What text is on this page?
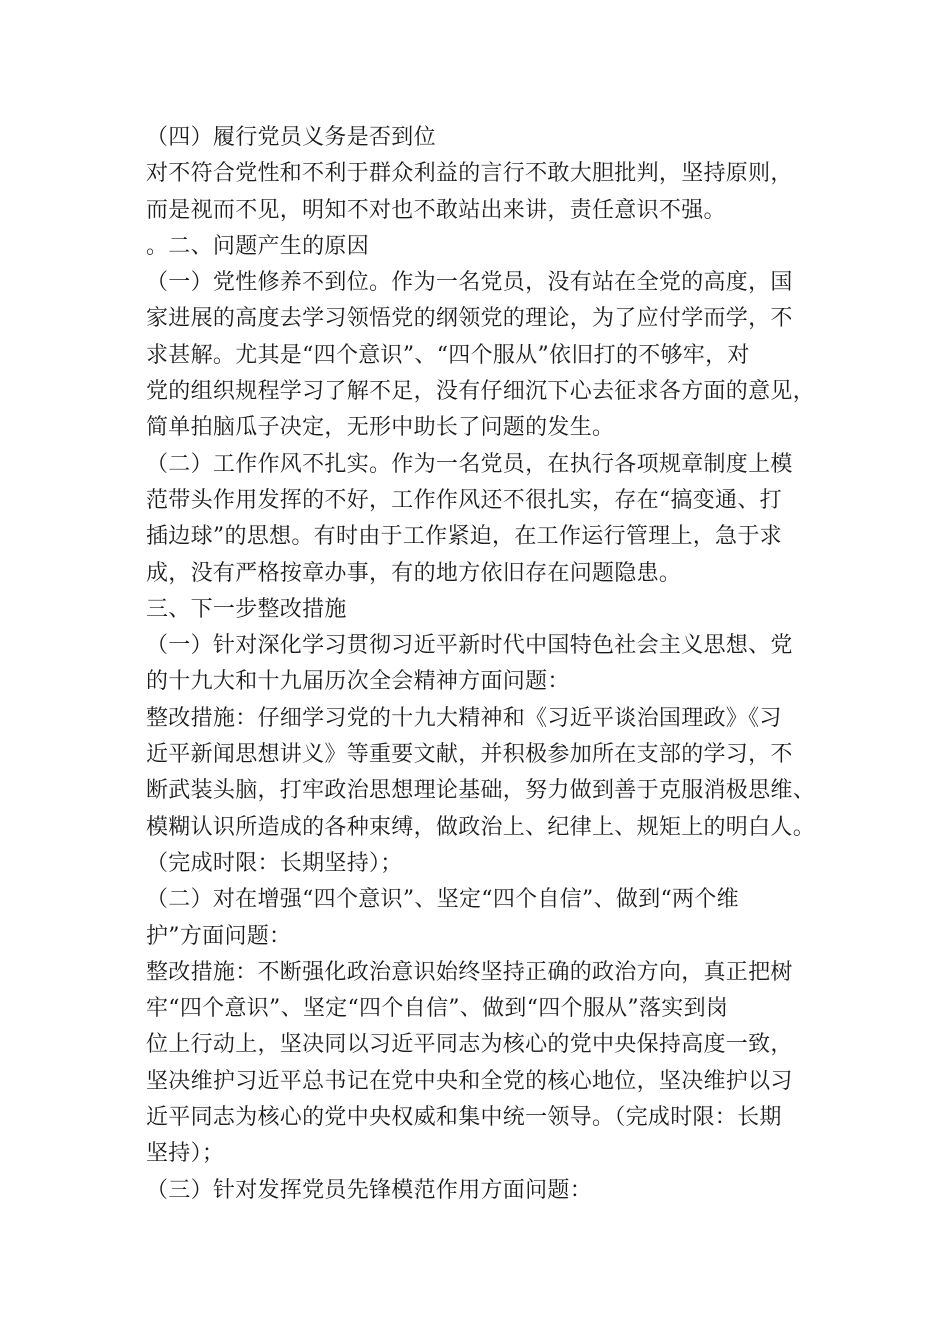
（四）履行党员义务是否到位
对不符合党性和不利于群众利益的言行不敢大胆批判，坚持原则，
而是视而不见，明知不对也不敢站出来讲，责任意识不强。
。二、问题产生的原因
（一）党性修养不到位。作为一名党员，没有站在全党的高度，国
家进展的高度去学习领悟党的纲领党的理论，为了应付学而学，不
求甚解。尤其是“四个意识”、“四个服从”依旧打的不够牢，对
党的组织规程学习了解不足，没有仔细沉下心去征求各方面的意见，
简单拍脑瓜子决定，无形中助长了问题的发生。
（二）工作作风不扎实。作为一名党员，在执行各项规章制度上模
范带头作用发挥的不好，工作作风还不很扎实，存在“搞变通、打
插边球”的思想。有时由于工作紧迫，在工作运行管理上，急于求
成，没有严格按章办事，有的地方依旧存在问题隐患。
三、下一步整改措施
（一）针对深化学习贯彻习近平新时代中国特色社会主义思想、党
的十九大和十九届历次全会精神方面问题：
整改措施：仔细学习党的十九大精神和《习近平谈治国理政》《习
近平新闻思想讲义》等重要文献，并积极参加所在支部的学习，不
断武装头脑，打牢政治思想理论基础，努力做到善于克服消极思维、
模糊认识所造成的各种束缚，做政治上、纪律上、规矩上的明白人。
（完成时限：长期坚持）；
（二）对在增强“四个意识”、坚定“四个自信”、做到“两个维
护”方面问题：
整改措施：不断强化政治意识始终坚持正确的政治方向，真正把树
牢“四个意识”、坚定“四个自信”、做到“四个服从”落实到岗
位上行动上，坚决同以习近平同志为核心的党中央保持高度一致，
坚决维护习近平总书记在党中央和全党的核心地位，坚决维护以习
近平同志为核心的党中央权威和集中统一领导。（完成时限：长期
坚持）；
（三）针对发挥党员先锋模范作用方面问题：
